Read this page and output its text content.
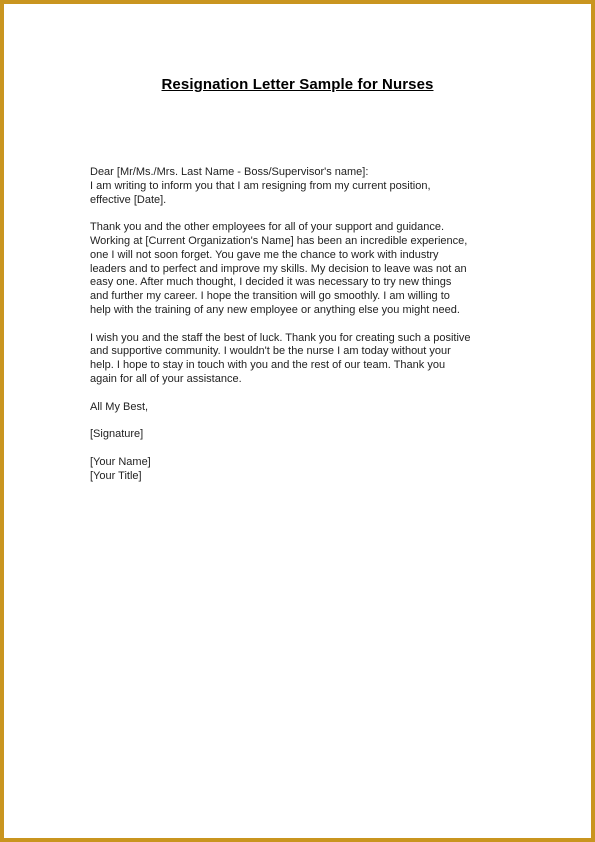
Resignation Letter Sample for Nurses

Dear [Mr/Ms./Mrs. Last Name - Boss/Supervisor's name]:
I am writing to inform you that I am resigning from my current position,
effective [Date].

Thank you and the other employees for all of your support and guidance.
Working at [Current Organization's Name] has been an incredible experience,
one I will not soon forget. You gave me the chance to work with industry
leaders and to perfect and improve my skills. My decision to leave was not an
easy one. After much thought, I decided it was necessary to try new things
and further my career. I hope the transition will go smoothly. I am willing to
help with the training of any new employee or anything else you might need.

I wish you and the staff the best of luck. Thank you for creating such a positive
and supportive community. I wouldn't be the nurse I am today without your
help. I hope to stay in touch with you and the rest of our team. Thank you
again for all of your assistance.

All My Best,

[Signature]

[Your Name]
[Your Title]
